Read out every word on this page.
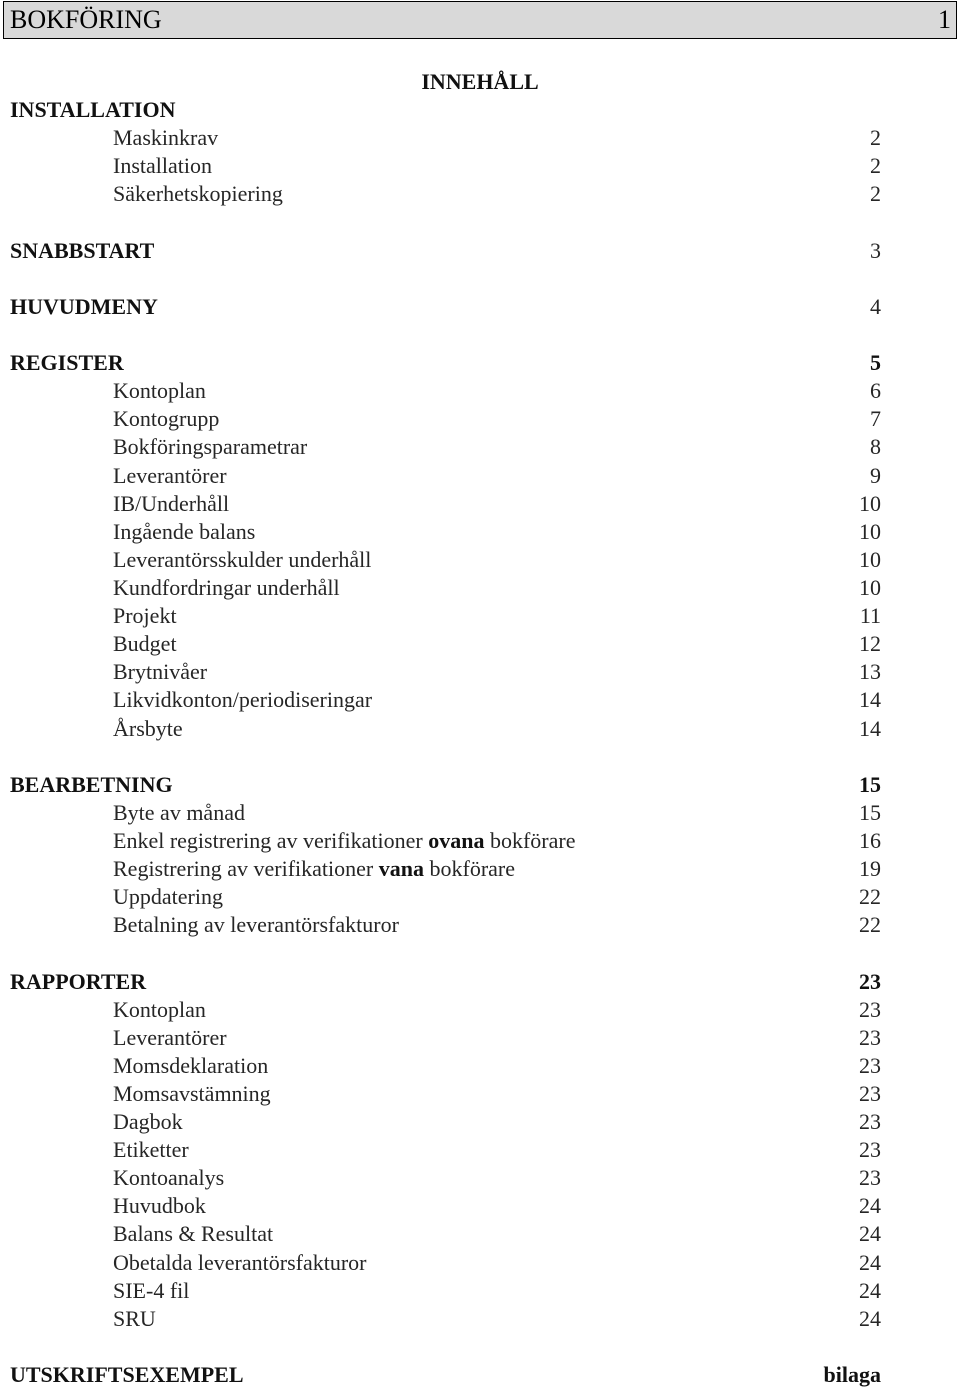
BOKFÖRING	1
INNEHÅLL
INSTALLATION
Maskinkrav	2
Installation	2
Säkerhetskopiering	2
SNABBSTART	3
HUVUDMENY	4
REGISTER	5
Kontoplan	6
Kontogrupp	7
Bokföringsparametrar	8
Leverantörer	9
IB/Underhåll	10
Ingående balans	10
Leverantörsskulder underhåll	10
Kundfordringar underhåll	10
Projekt	11
Budget	12
Brytnivåer	13
Likvidkonton/periodiseringar	14
Årsbyte	14
BEARBETNING	15
Byte av månad	15
Enkel registrering av verifikationer ovana bokförare	16
Registrering av verifikationer vana bokförare	19
Uppdatering	22
Betalning av leverantörsfakturor	22
RAPPORTER	23
Kontoplan	23
Leverantörer	23
Momsdeklaration	23
Momsavstämning	23
Dagbok	23
Etiketter	23
Kontoanalys	23
Huvudbok	24
Balans & Resultat	24
Obetalda leverantörsfakturor	24
SIE-4 fil	24
SRU	24
UTSKRIFTSEXEMPEL	bilaga
